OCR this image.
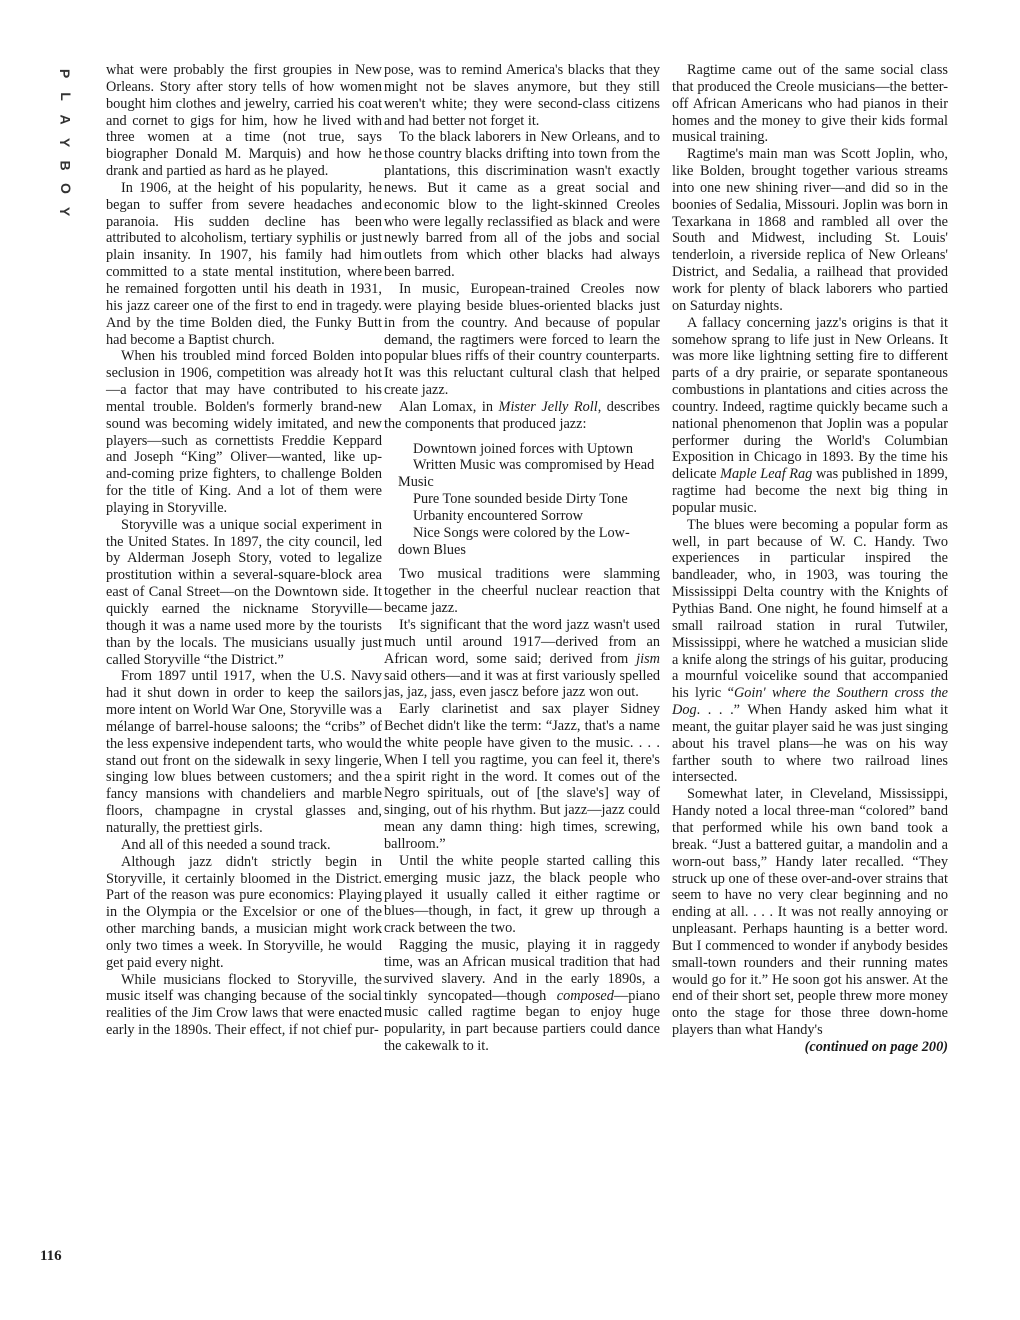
P
L
A
Y
B
O
Y
116

what were probably the first groupies in New Orleans. Story after story tells of how women bought him clothes and jewelry, carried his coat and cornet to gigs for him, how he lived with three women at a time (not true, says biographer Donald M. Marquis) and how he drank and partied as hard as he played.

In 1906, at the height of his popularity, he began to suffer from severe headaches and paranoia. His sudden decline has been attributed to alcoholism, tertiary syphilis or just plain insanity. In 1907, his family had him committed to a state mental institution, where he remained forgotten until his death in 1931, his jazz career one of the first to end in tragedy. And by the time Bolden died, the Funky Butt had become a Baptist church.

When his troubled mind forced Bolden into seclusion in 1906, competition was already hot—a factor that may have contributed to his mental trouble. Bolden's formerly brand-new sound was becoming widely imitated, and new players—such as cornettists Freddie Keppard and Joseph “King” Oliver—wanted, like up-and-coming prize fighters, to challenge Bolden for the title of King. And a lot of them were playing in Storyville.

Storyville was a unique social experiment in the United States. In 1897, the city council, led by Alderman Joseph Story, voted to legalize prostitution within a several-square-block area east of Canal Street—on the Downtown side. It quickly earned the nickname Storyville—though it was a name used more by the tourists than by the locals. The musicians usually just called Storyville “the District.”

From 1897 until 1917, when the U.S. Navy had it shut down in order to keep the sailors more intent on World War One, Storyville was a mélange of barrel-house saloons; the “cribs” of the less expensive independent tarts, who would stand out front on the sidewalk in sexy lingerie, singing low blues between customers; and the fancy mansions with chandeliers and marble floors, champagne in crystal glasses and, naturally, the prettiest girls.

And all of this needed a sound track.

Although jazz didn't strictly begin in Storyville, it certainly bloomed in the District. Part of the reason was pure economics: Playing in the Olympia or the Excelsior or one of the other marching bands, a musician might work only two times a week. In Storyville, he would get paid every night.

While musicians flocked to Storyville, the music itself was changing because of the social realities of the Jim Crow laws that were enacted early in the 1890s. Their effect, if not chief pur-

pose, was to remind America's blacks that they might not be slaves anymore, but they still weren't white; they were second-class citizens and had better not forget it.

To the black laborers in New Orleans, and to those country blacks drifting into town from the plantations, this discrimination wasn't exactly news. But it came as a great social and economic blow to the light-skinned Creoles who were legally reclassified as black and were newly barred from all of the jobs and social outlets from which other blacks had always been barred.

In music, European-trained Creoles now were playing beside blues-oriented blacks just in from the country. And because of popular demand, the ragtimers were forced to learn the popular blues riffs of their country counterparts. It was this reluctant cultural clash that helped create jazz.

Alan Lomax, in Mister Jelly Roll, describes the components that produced jazz:

Downtown joined forces with Uptown

Written Music was compromised by Head Music

Pure Tone sounded beside Dirty Tone

Urbanity encountered Sorrow

Nice Songs were colored by the Low-down Blues

Two musical traditions were slamming together in the cheerful nuclear reaction that became jazz.

It's significant that the word jazz wasn't used much until around 1917—derived from an African word, some said; derived from jism said others—and it was at first variously spelled jas, jaz, jass, even jascz before jazz won out.

Early clarinetist and sax player Sidney Bechet didn't like the term: “Jazz, that's a name the white people have given to the music. . . . When I tell you ragtime, you can feel it, there's a spirit right in the word. It comes out of the Negro spirituals, out of [the slave's] way of singing, out of his rhythm. But jazz—jazz could mean any damn thing: high times, screwing, ballroom.”

Until the white people started calling this emerging music jazz, the black people who played it usually called it either ragtime or blues—though, in fact, it grew up through a crack between the two.

Ragging the music, playing it in raggedy time, was an African musical tradition that had survived slavery. And in the early 1890s, a tinkly syncopated—though composed—piano music called ragtime began to enjoy huge popularity, in part because partiers could dance the cakewalk to it.

Ragtime came out of the same social class that produced the Creole musicians—the better-off African Americans who had pianos in their homes and the money to give their kids formal musical training.

Ragtime's main man was Scott Joplin, who, like Bolden, brought together various streams into one new shining river—and did so in the boonies of Sedalia, Missouri. Joplin was born in Texarkana in 1868 and rambled all over the South and Midwest, including St. Louis' tenderloin, a riverside replica of New Orleans' District, and Sedalia, a railhead that provided work for plenty of black laborers who partied on Saturday nights.

A fallacy concerning jazz's origins is that it somehow sprang to life just in New Orleans. It was more like lightning setting fire to different parts of a dry prairie, or separate spontaneous combustions in plantations and cities across the country. Indeed, ragtime quickly became such a national phenomenon that Joplin was a popular performer during the World's Columbian Exposition in Chicago in 1893. By the time his delicate Maple Leaf Rag was published in 1899, ragtime had become the next big thing in popular music.

The blues were becoming a popular form as well, in part because of W. C. Handy. Two experiences in particular inspired the bandleader, who, in 1903, was touring the Mississippi Delta country with the Knights of Pythias Band. One night, he found himself at a small railroad station in rural Tutwiler, Mississippi, where he watched a musician slide a knife along the strings of his guitar, producing a mournful voicelike sound that accompanied his lyric “Goin' where the Southern cross the Dog. . . .” When Handy asked him what it meant, the guitar player said he was just singing about his travel plans—he was on his way farther south to where two railroad lines intersected.

Somewhat later, in Cleveland, Mississippi, Handy noted a local three-man “colored” band that performed while his own band took a break. “Just a battered guitar, a mandolin and a worn-out bass,” Handy later recalled. “They struck up one of these over-and-over strains that seem to have no very clear beginning and no ending at all. . . . It was not really annoying or unpleasant. Perhaps haunting is a better word. But I commenced to wonder if anybody besides small-town rounders and their running mates would go for it.” He soon got his answer. At the end of their short set, people threw more money onto the stage for those three down-home players than what Handy's

(continued on page 200)
